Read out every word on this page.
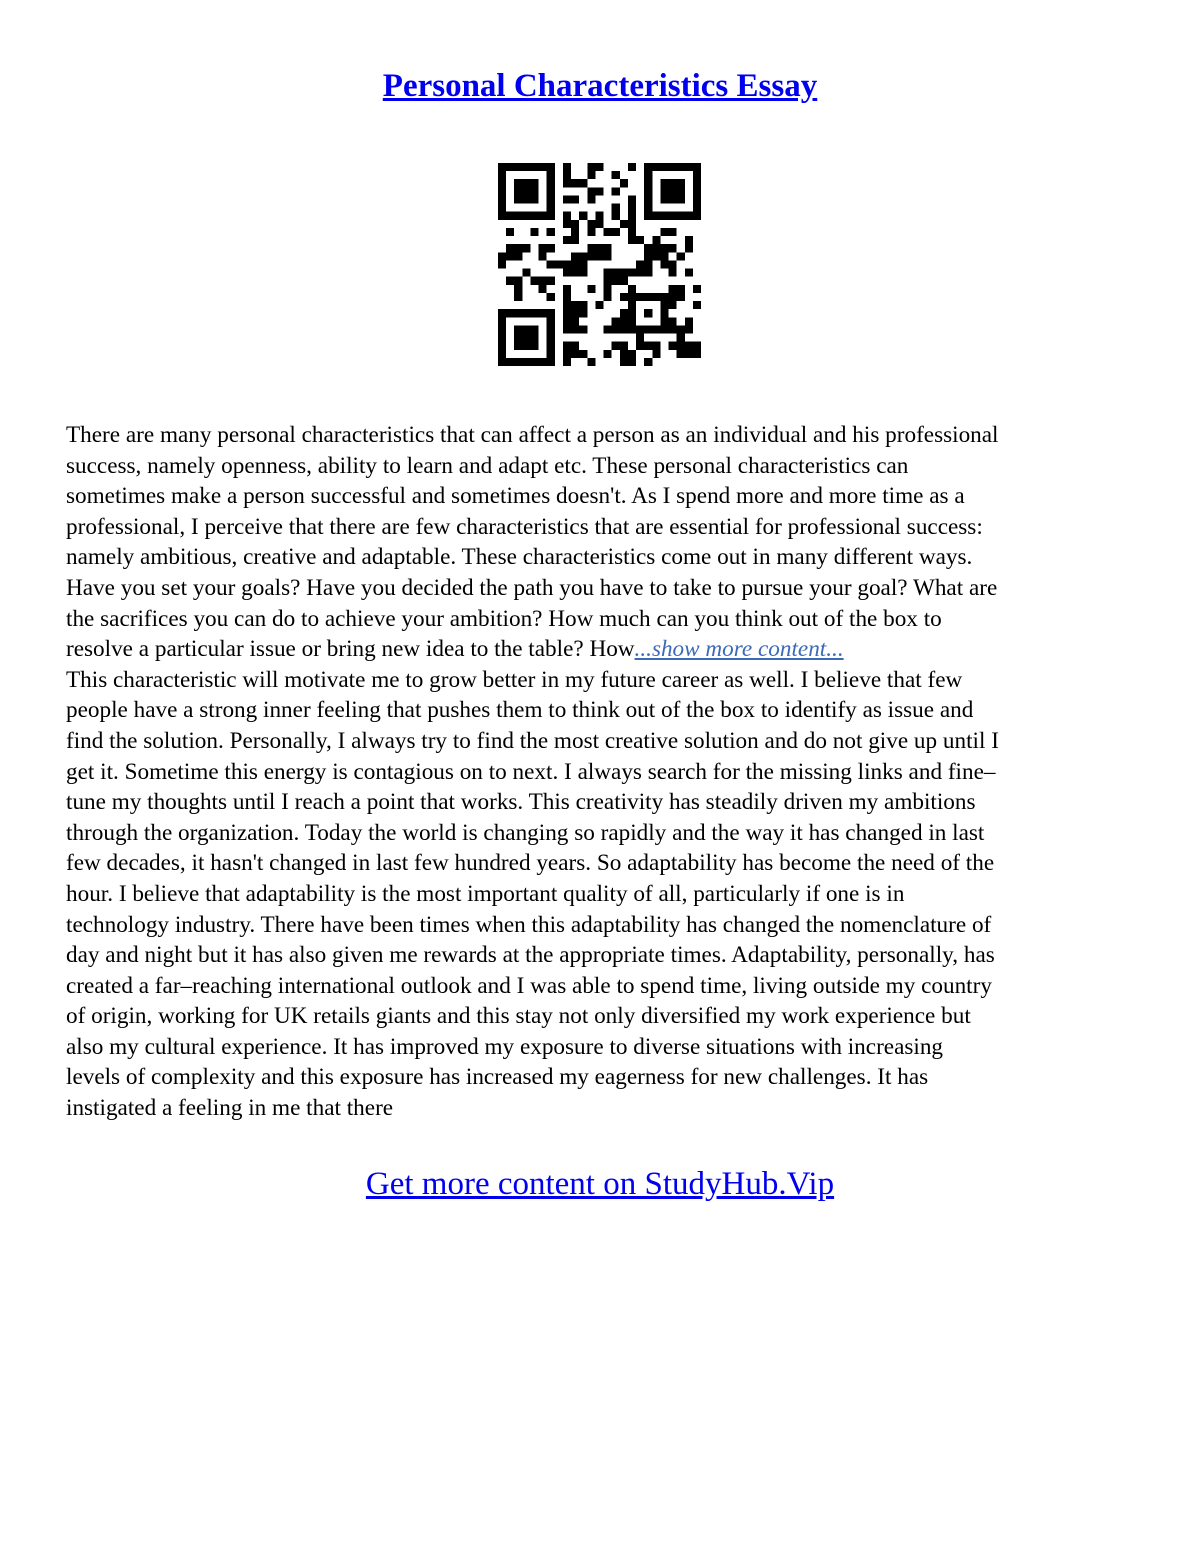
Personal Characteristics Essay

There are many personal characteristics that can affect a person as an individual and his professional

success, namely openness, ability to learn and adapt etc. These personal characteristics can

sometimes make a person successful and sometimes doesn't. As I spend more and more time as a

professional, I perceive that there are few characteristics that are essential for professional success:

namely ambitious, creative and adaptable. These characteristics come out in many different ways.

Have you set your goals? Have you decided the path you have to take to pursue your goal? What are

the sacrifices you can do to achieve your ambition? How much can you think out of the box to

resolve a particular issue or bring new idea to the table? How...show more content...

This characteristic will motivate me to grow better in my future career as well. I believe that few

people have a strong inner feeling that pushes them to think out of the box to identify as issue and

find the solution. Personally, I always try to find the most creative solution and do not give up until I

get it. Sometime this energy is contagious on to next. I always search for the missing links and fine–

tune my thoughts until I reach a point that works. This creativity has steadily driven my ambitions

through the organization. Today the world is changing so rapidly and the way it has changed in last

few decades, it hasn't changed in last few hundred years. So adaptability has become the need of the

hour. I believe that adaptability is the most important quality of all, particularly if one is in

technology industry. There have been times when this adaptability has changed the nomenclature of

day and night but it has also given me rewards at the appropriate times. Adaptability, personally, has

created a far–reaching international outlook and I was able to spend time, living outside my country

of origin, working for UK retails giants and this stay not only diversified my work experience but

also my cultural experience. It has improved my exposure to diverse situations with increasing

levels of complexity and this exposure has increased my eagerness for new challenges. It has

instigated a feeling in me that there

Get more content on StudyHub.Vip
